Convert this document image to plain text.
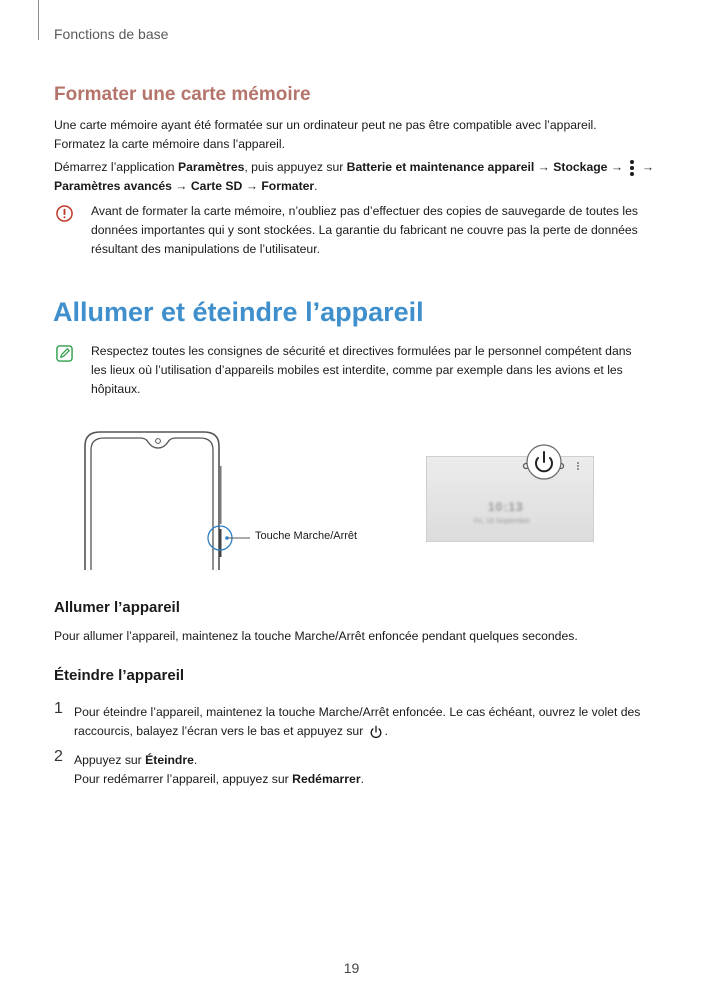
Fonctions de base
Formater une carte mémoire
Une carte mémoire ayant été formatée sur un ordinateur peut ne pas être compatible avec l’appareil.
Formatez la carte mémoire dans l’appareil.
Démarrez l’application Paramètres, puis appuyez sur Batterie et maintenance appareil → Stockage →
→
Paramètres avancés → Carte SD → Formater.
Avant de formater la carte mémoire, n’oubliez pas d’effectuer des copies de sauvegarde de toutes les
données importantes qui y sont stockées. La garantie du fabricant ne couvre pas la perte de données
résultant des manipulations de l’utilisateur.
Allumer et éteindre l’appareil
Respectez toutes les consignes de sécurité et directives formulées par le personnel compétent dans
les lieux où l’utilisation d’appareils mobiles est interdite, comme par exemple dans les avions et les
hôpitaux.
Touche Marche/Arrêt
10:13
Fri, 18 September
Allumer l’appareil
Pour allumer l’appareil, maintenez la touche Marche/Arrêt enfoncée pendant quelques secondes.
Éteindre l’appareil
1 Pour éteindre l’appareil, maintenez la touche Marche/Arrêt enfoncée. Le cas échéant, ouvrez le volet des
raccourcis, balayez l’écran vers le bas et appuyez sur .
2 Appuyez sur Éteindre.
Pour redémarrer l’appareil, appuyez sur Redémarrer.
19
